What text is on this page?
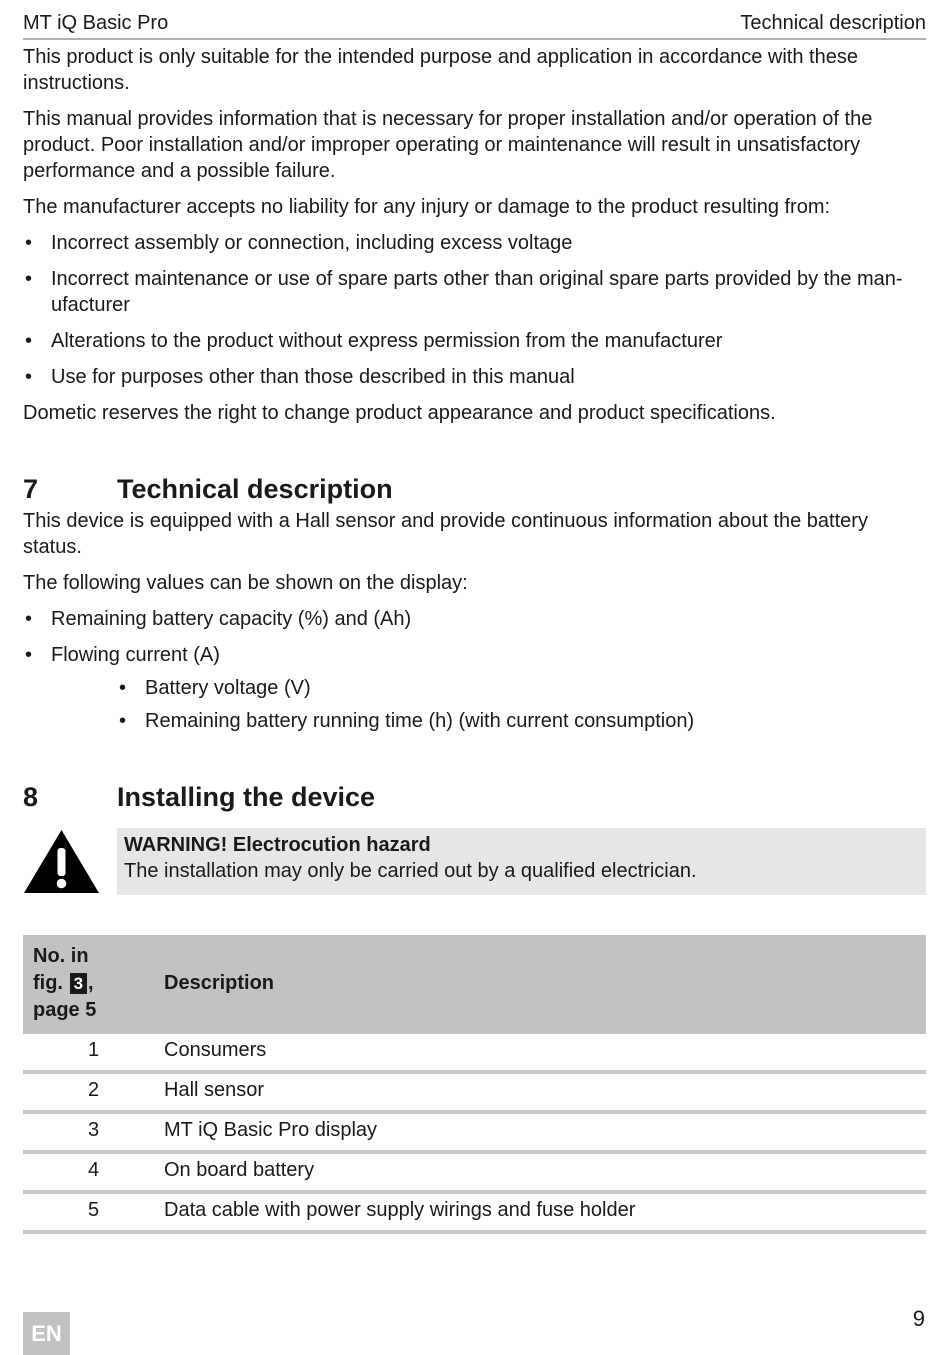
MT iQ Basic Pro	Technical description

This product is only suitable for the intended purpose and application in accordance with these instructions.

This manual provides information that is necessary for proper installation and/or operation of the product. Poor installation and/or improper operating or maintenance will result in unsatisfactory performance and a possible failure.

The manufacturer accepts no liability for any injury or damage to the product resulting from:

• Incorrect assembly or connection, including excess voltage
• Incorrect maintenance or use of spare parts other than original spare parts provided by the man-ufacturer
• Alterations to the product without express permission from the manufacturer
• Use for purposes other than those described in this manual

Dometic reserves the right to change product appearance and product specifications.

7	Technical description

This device is equipped with a Hall sensor and provide continuous information about the battery status.

The following values can be shown on the display:

• Remaining battery capacity (%) and (Ah)
• Flowing current (A)
• Battery voltage (V)
• Remaining battery running time (h) (with current consumption)
8	Installing the device
WARNING! Electrocution hazard
The installation may only be carried out by a qualified electrician.
No. in
fig. 3 ,
page 5	Description
1	Consumers
2	Hall sensor
3	MT iQ Basic Pro display
4	On board battery
5	Data cable with power supply wirings and fuse holder
EN
9
